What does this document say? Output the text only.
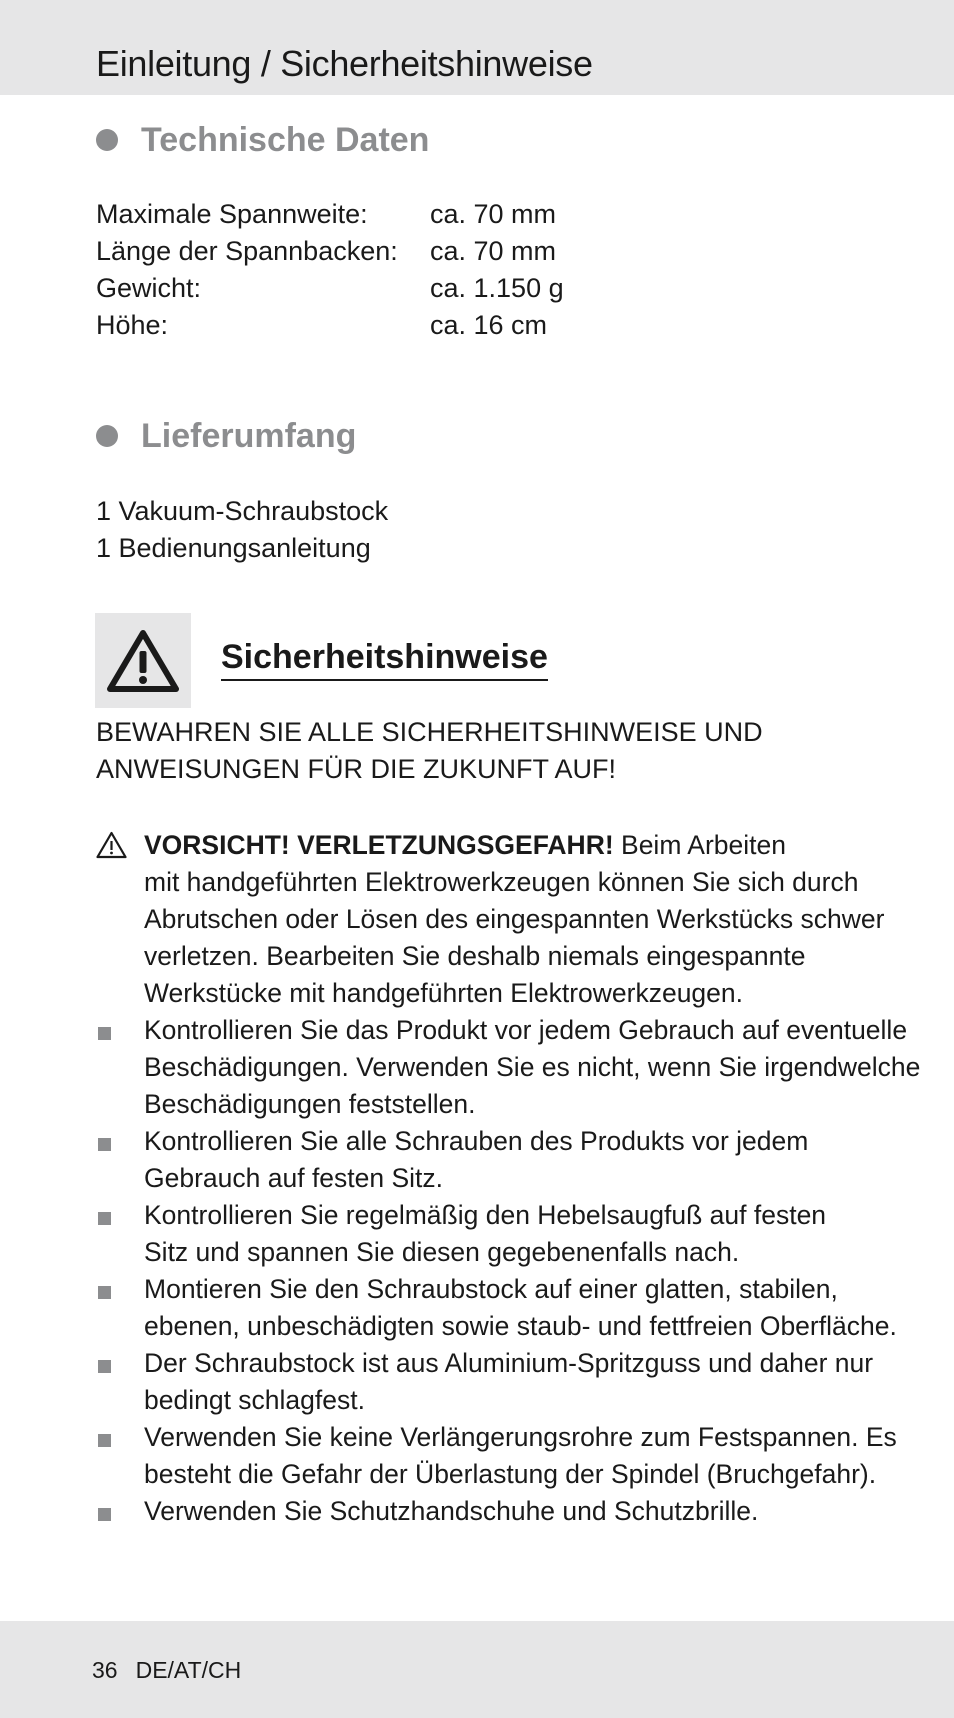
Einleitung / Sicherheitshinweise
Technische Daten
Maximale Spannweite:	ca. 70 mm
Länge der Spannbacken:	ca. 70 mm
Gewicht:	ca. 1.150 g
Höhe:	ca. 16 cm
Lieferumfang
1 Vakuum-Schraubstock
1 Bedienungsanleitung
Sicherheitshinweise
BEWAHREN SIE ALLE SICHERHEITSHINWEISE UND
ANWEISUNGEN FÜR DIE ZUKUNFT AUF!
VORSICHT! VERLETZUNGSGEFAHR! Beim Arbeiten
mit handgeführten Elektrowerkzeugen können Sie sich durch
Abrutschen oder Lösen des eingespannten Werkstücks schwer
verletzen. Bearbeiten Sie deshalb niemals eingespannte
Werkstücke mit handgeführten Elektrowerkzeugen.
Kontrollieren Sie das Produkt vor jedem Gebrauch auf eventuelle
Beschädigungen. Verwenden Sie es nicht, wenn Sie irgendwelche
Beschädigungen feststellen.
Kontrollieren Sie alle Schrauben des Produkts vor jedem
Gebrauch auf festen Sitz.
Kontrollieren Sie regelmäßig den Hebelsaugfuß auf festen
Sitz und spannen Sie diesen gegebenenfalls nach.
Montieren Sie den Schraubstock auf einer glatten, stabilen,
ebenen, unbeschädigten sowie staub- und fettfreien Oberfläche.
Der Schraubstock ist aus Aluminium-Spritzguss und daher nur
bedingt schlagfest.
Verwenden Sie keine Verlängerungsrohre zum Festspannen. Es
besteht die Gefahr der Überlastung der Spindel (Bruchgefahr).
Verwenden Sie Schutzhandschuhe und Schutzbrille.
36 DE/AT/CH
